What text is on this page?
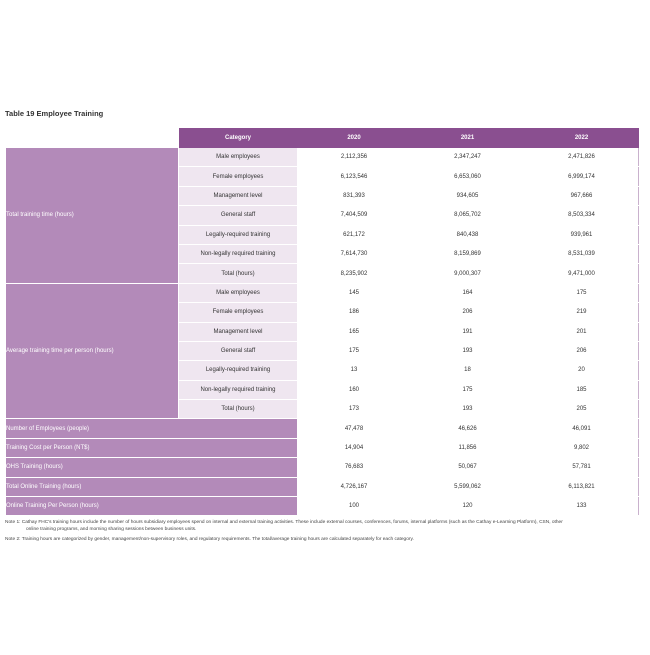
Table 19 Employee Training
	Category	2020	2021	2022
Total training time (hours)	Male employees	2,112,356	2,347,247	2,471,826
	Female employees	6,123,546	6,653,060	6,999,174
	Management level	831,393	934,605	967,666
	General staff	7,404,509	8,065,702	8,503,334
	Legally-required training	621,172	840,438	939,961
	Non-legally required training	7,614,730	8,159,869	8,531,039
	Total (hours)	8,235,902	9,000,307	9,471,000
Average training time per person (hours)	Male employees	145	164	175
	Female employees	186	206	219
	Management level	165	191	201
	General staff	175	193	206
	Legally-required training	13	18	20
	Non-legally required training	160	175	185
	Total (hours)	173	193	205
Number of Employees (people)		47,478	46,626	46,091
Training Cost per Person (NT$)		14,904	11,856	9,802
OHS Training (hours)		76,683	50,067	57,781
Total Online Training (hours)		4,726,167	5,599,062	6,113,821
Online Training Per Person (hours)		100	120	133

Note 1: Cathay FHC's training hours include the number of hours subsidiary employees spend on internal and external training activities. These include external courses, conferences, forums, internal platforms (such as the Cathay e-Learning Platform), CSN, other
online training programs, and morning sharing sessions between business units.

Note 2: Training hours are categorized by gender, management/non-supervisory roles, and regulatory requirements. The total/average training hours are calculated separately for each category.
